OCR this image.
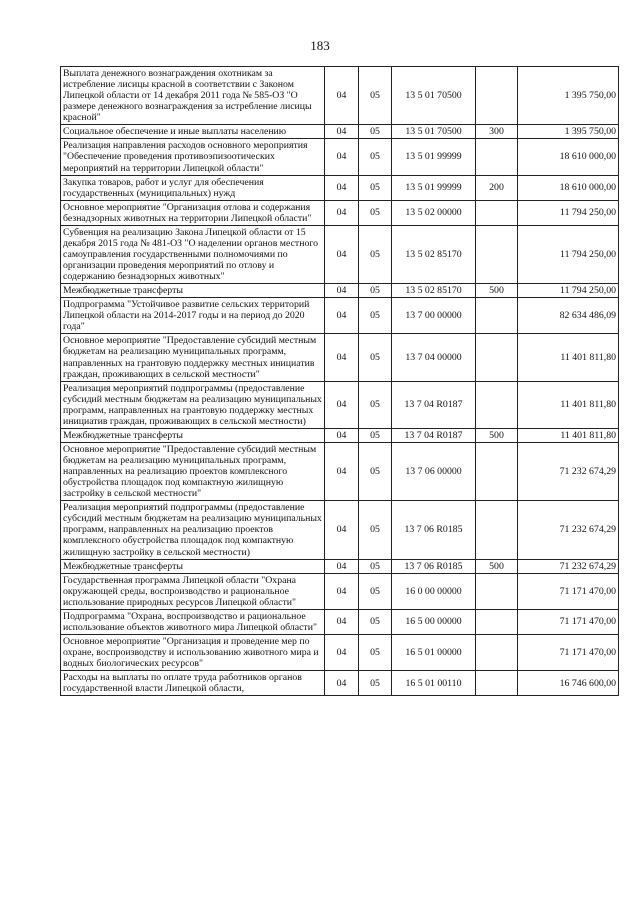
183
Выплата денежного вознаграждения охотникам за истребление лисицы красной в соответствии с Законом Липецкой области от 14 декабря 2011 года № 585-ОЗ "О размере денежного вознаграждения за истребление лисицы красной"	04	05	13 5 01 70500		1 395 750,00
Социальное обеспечение и иные выплаты населению	04	05	13 5 01 70500	300	1 395 750,00
Реализация направления расходов основного мероприятия "Обеспечение проведения противоэпизоотических мероприятий на территории Липецкой области"	04	05	13 5 01 99999		18 610 000,00
Закупка товаров, работ и услуг для обеспечения государственных (муниципальных) нужд	04	05	13 5 01 99999	200	18 610 000,00
Основное мероприятие "Организация отлова и содержания безнадзорных животных на территории Липецкой области"	04	05	13 5 02 00000		11 794 250,00
Субвенция на реализацию Закона Липецкой области от 15 декабря 2015 года № 481-ОЗ "О наделении органов местного самоуправления государственными полномочиями по организации проведения мероприятий по отлову и содержанию безнадзорных животных"	04	05	13 5 02 85170		11 794 250,00
Межбюджетные трансферты	04	05	13 5 02 85170	500	11 794 250,00
Подпрограмма "Устойчивое развитие сельских территорий Липецкой области на 2014-2017 годы и на период до 2020 года"	04	05	13 7 00 00000		82 634 486,09
Основное мероприятие "Предоставление субсидий местным бюджетам на реализацию муниципальных программ, направленных на грантовую поддержку местных инициатив граждан, проживающих в сельской местности"	04	05	13 7 04 00000		11 401 811,80
Реализация мероприятий подпрограммы (предоставление субсидий местным бюджетам на реализацию муниципальных программ, направленных на грантовую поддержку местных инициатив граждан, проживающих в сельской местности)	04	05	13 7 04 R0187		11 401 811,80
Межбюджетные трансферты	04	05	13 7 04 R0187	500	11 401 811,80
Основное мероприятие "Предоставление субсидий местным бюджетам на реализацию муниципальных программ, направленных на реализацию проектов комплексного обустройства площадок под компактную жилищную застройку в сельской местности"	04	05	13 7 06 00000		71 232 674,29
Реализация мероприятий подпрограммы (предоставление субсидий местным бюджетам на реализацию муниципальных программ, направленных на реализацию проектов комплексного обустройства площадок под компактную жилищную застройку в сельской местности)	04	05	13 7 06 R0185		71 232 674,29
Межбюджетные трансферты	04	05	13 7 06 R0185	500	71 232 674,29
Государственная программа Липецкой области "Охрана окружающей среды, воспроизводство и рациональное использование природных ресурсов Липецкой области"	04	05	16 0 00 00000		71 171 470,00
Подпрограмма "Охрана, воспроизводство и рациональное использование объектов животного мира Липецкой области"	04	05	16 5 00 00000		71 171 470,00
Основное мероприятие "Организация и проведение мер по охране, воспроизводству и использованию животного мира и водных биологических ресурсов"	04	05	16 5 01 00000		71 171 470,00
Расходы на выплаты по оплате труда работников органов государственной власти Липецкой области,	04	05	16 5 01 00110		16 746 600,00
